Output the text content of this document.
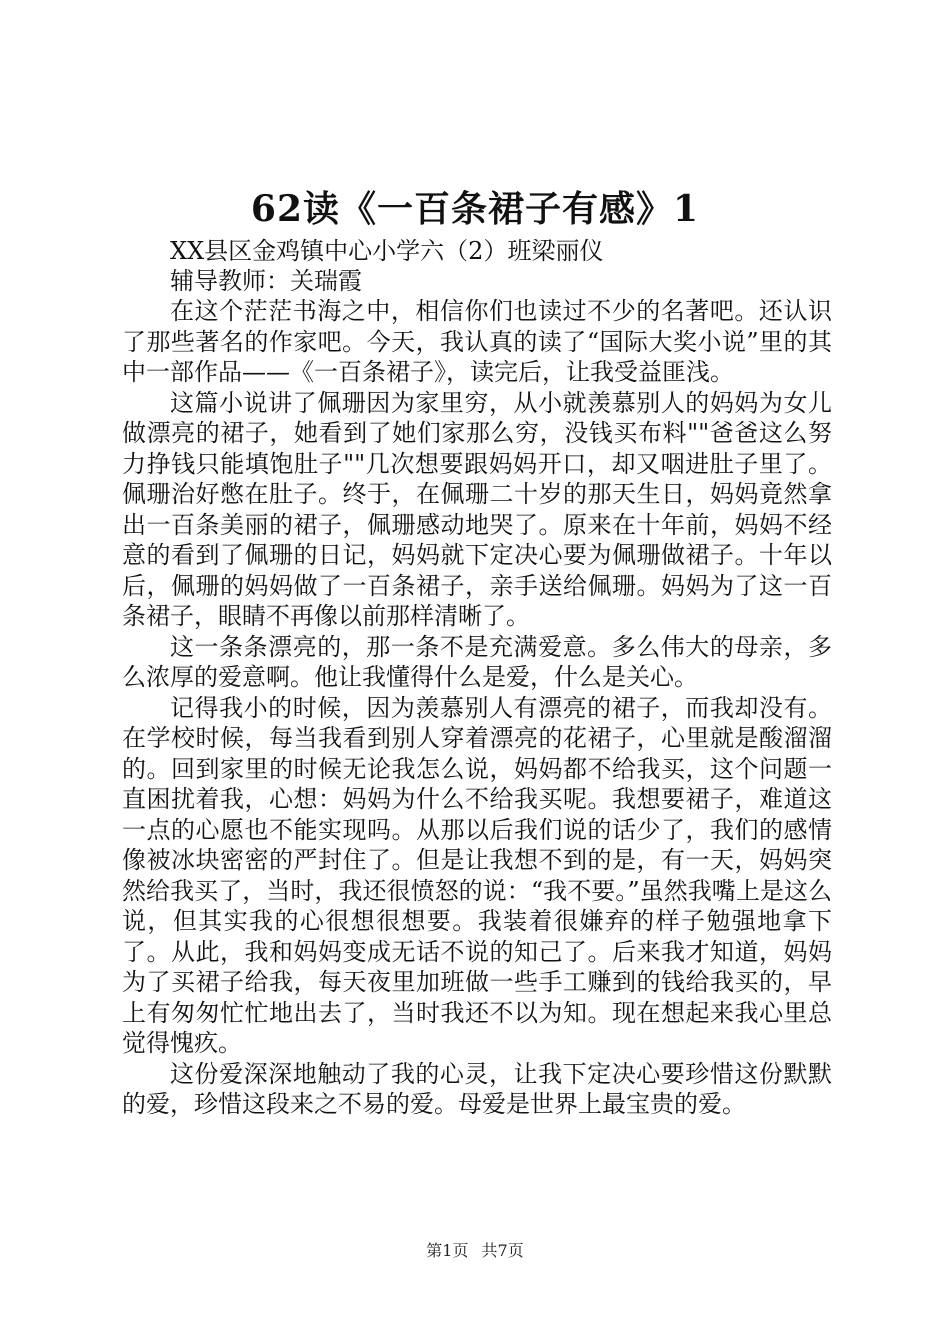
62读《一百条裙子有感》1

XX县区金鸡镇中心小学六（2）班梁丽仪

辅导教师：关瑞霞

在这个茫茫书海之中，相信你们也读过不少的名著吧。还认识了那些著名的作家吧。今天，我认真的读了“国际大奖小说”里的其中一部作品——《一百条裙子》，读完后，让我受益匪浅。

这篇小说讲了佩珊因为家里穷，从小就羡慕别人的妈妈为女儿做漂亮的裙子，她看到了她们家那么穷，没钱买布料""爸爸这么努力挣钱只能填饱肚子""几次想要跟妈妈开口，却又咽进肚子里了。佩珊治好憋在肚子。终于，在佩珊二十岁的那天生日，妈妈竟然拿出一百条美丽的裙子，佩珊感动地哭了。原来在十年前，妈妈不经意的看到了佩珊的日记，妈妈就下定决心要为佩珊做裙子。十年以后，佩珊的妈妈做了一百条裙子，亲手送给佩珊。妈妈为了这一百条裙子，眼睛不再像以前那样清晰了。

这一条条漂亮的，那一条不是充满爱意。多么伟大的母亲，多么浓厚的爱意啊。他让我懂得什么是爱，什么是关心。

记得我小的时候，因为羡慕别人有漂亮的裙子，而我却没有。在学校时候，每当我看到别人穿着漂亮的花裙子，心里就是酸溜溜的。回到家里的时候无论我怎么说，妈妈都不给我买，这个问题一直困扰着我，心想：妈妈为什么不给我买呢。我想要裙子，难道这一点的心愿也不能实现吗。从那以后我们说的话少了，我们的感情像被冰块密密的严封住了。但是让我想不到的是，有一天，妈妈突然给我买了，当时，我还很愤怒的说：“我不要。”虽然我嘴上是这么说，但其实我的心很想很想要。我装着很嫌弃的样子勉强地拿下了。从此，我和妈妈变成无话不说的知己了。后来我才知道，妈妈为了买裙子给我，每天夜里加班做一些手工赚到的钱给我买的，早上有匆匆忙忙地出去了，当时我还不以为知。现在想起来我心里总觉得愧疚。

这份爱深深地触动了我的心灵，让我下定决心要珍惜这份默默的爱，珍惜这段来之不易的爱。母爱是世界上最宝贵的爱。

第1页 共7页
